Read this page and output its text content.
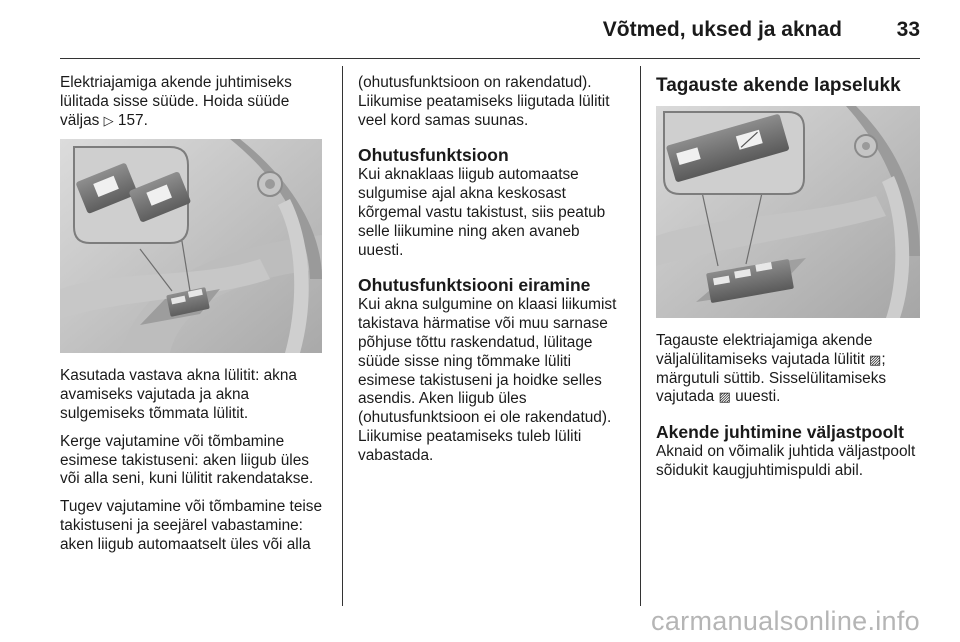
Võtmed, uksed ja aknad	33

Elektriajamiga akende juhtimiseks lülitada sisse süüde. Hoida süüde väljas ▷ 157.

Kasutada vastava akna lülitit: akna avamiseks vajutada ja akna sulgemiseks tõmmata lülitit.

Kerge vajutamine või tõmbamine esimese takistuseni: aken liigub üles või alla seni, kuni lülitit rakendatakse.

Tugev vajutamine või tõmbamine teise takistuseni ja seejärel vabastamine: aken liigub automaatselt üles või alla

(ohutusfunktsioon on rakendatud). Liikumise peatamiseks liigutada lülitit veel kord samas suunas.

Ohutusfunktsioon

Kui aknaklaas liigub automaatse sulgumise ajal akna keskosast kõrgemal vastu takistust, siis peatub selle liikumine ning aken avaneb uuesti.

Ohutusfunktsiooni eiramine

Kui akna sulgumine on klaasi liikumist takistava härmatise või muu sarnase põhjuse tõttu raskendatud, lülitage süüde sisse ning tõmmake lüliti esimese takistuseni ja hoidke selles asendis. Aken liigub üles (ohutusfunktsioon ei ole rakendatud). Liikumise peatamiseks tuleb lüliti vabastada.

Tagauste akende lapselukk

Tagauste elektriajamiga akende väljalülitamiseks vajutada lülitit ▨; märgutuli süttib. Sisselülitamiseks vajutada ▨ uuesti.

Akende juhtimine väljastpoolt

Aknaid on võimalik juhtida väljastpoolt sõidukit kaugjuhtimispuldi abil.

carmanualsonline.info
